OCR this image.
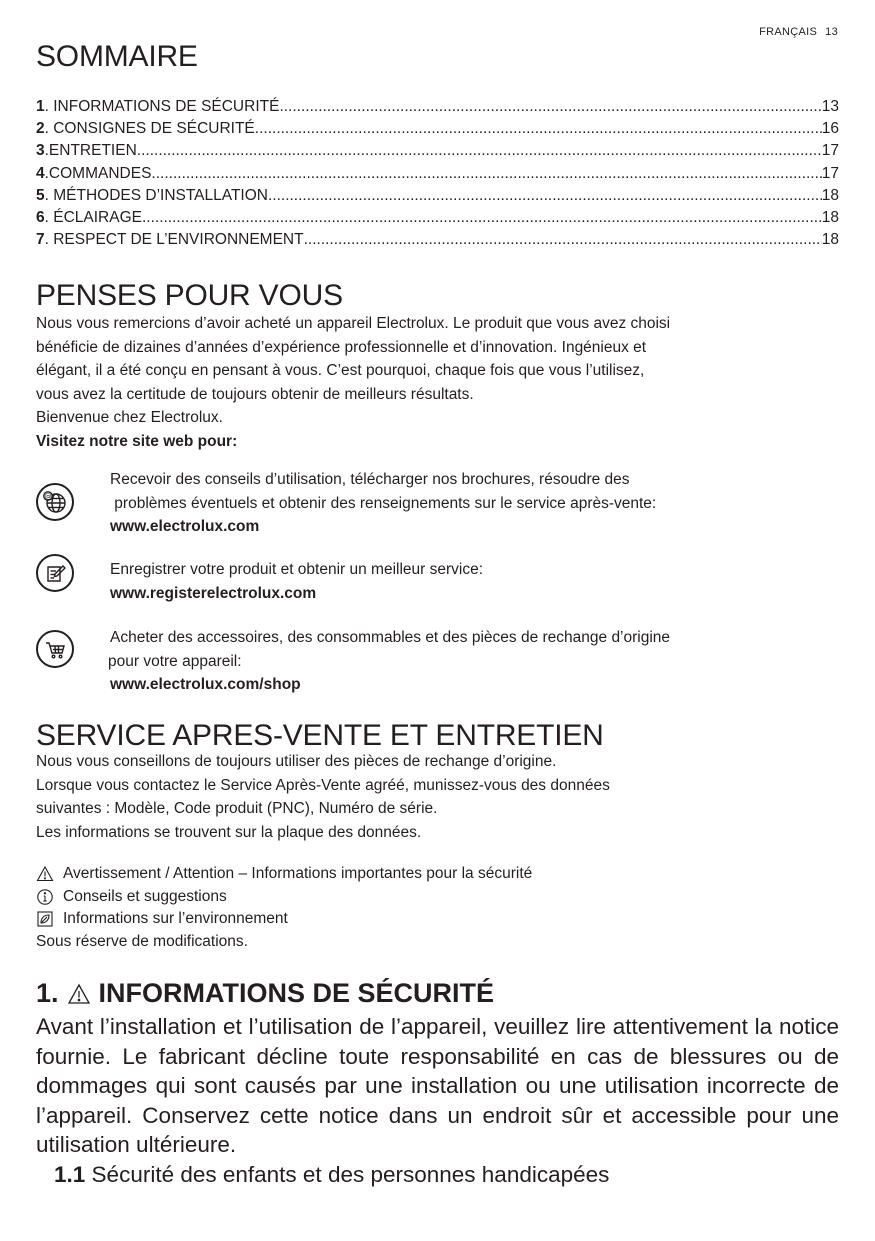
FRANÇAIS 13
SOMMAIRE
1 . INFORMATIONS DE SÉCURITÉ .....	13
2 . CONSIGNES DE SÉCURITÉ .....	16
3 .ENTRETIEN .....	17
4 .COMMANDES .....	17
5 . MÉTHODES D’INSTALLATION .....	18
6 . ÉCLAIRAGE .....	18
7 . RESPECT DE L’ENVIRONNEMENT .....	18
PENSES POUR VOUS
Nous vous remercions d’avoir acheté un appareil Electrolux. Le produit que vous avez choisi
bénéficie de dizaines d’années d’expérience professionnelle et d’innovation. Ingénieux et
élégant, il a été conçu en pensant à vous. C’est pourquoi, chaque fois que vous l’utilisez,
vous avez la certitude de toujours obtenir de meilleurs résultats.
Bienvenue chez Electrolux.
Visitez notre site web pour:
@
Recevoir des conseils d’utilisation, télécharger nos brochures, résoudre des
problèmes éventuels et obtenir des renseignements sur le service après-vente:
www.electrolux.com
Enregistrer votre produit et obtenir un meilleur service:
www.registerelectrolux.com
Acheter des accessoires, des consommables et des pièces de rechange d’origine
pour votre appareil:
www.electrolux.com/shop
SERVICE APRES-VENTE ET ENTRETIEN
Nous vous conseillons de toujours utiliser des pièces de rechange d’origine.
Lorsque vous contactez le Service Après-Vente agréé, munissez-vous des données
suivantes : Modèle, Code produit (PNC), Numéro de série.
Les informations se trouvent sur la plaque des données.
Avertissement / Attention – Informations importantes pour la sécurité
Conseils et suggestions
Informations sur l’environnement
Sous réserve de modifications.
1. INFORMATIONS DE SÉCURITÉ
Avant l’installation et l’utilisation de l’appareil, veuillez lire attentivement la notice fournie. Le fabricant décline toute responsabilité en cas de blessures ou de dommages qui sont causés par une installation ou une utilisation incorrecte de l’appareil. Conservez cette notice dans un endroit sûr et accessible pour une utilisation ultérieure.
1.1 Sécurité des enfants et des personnes handicapées
